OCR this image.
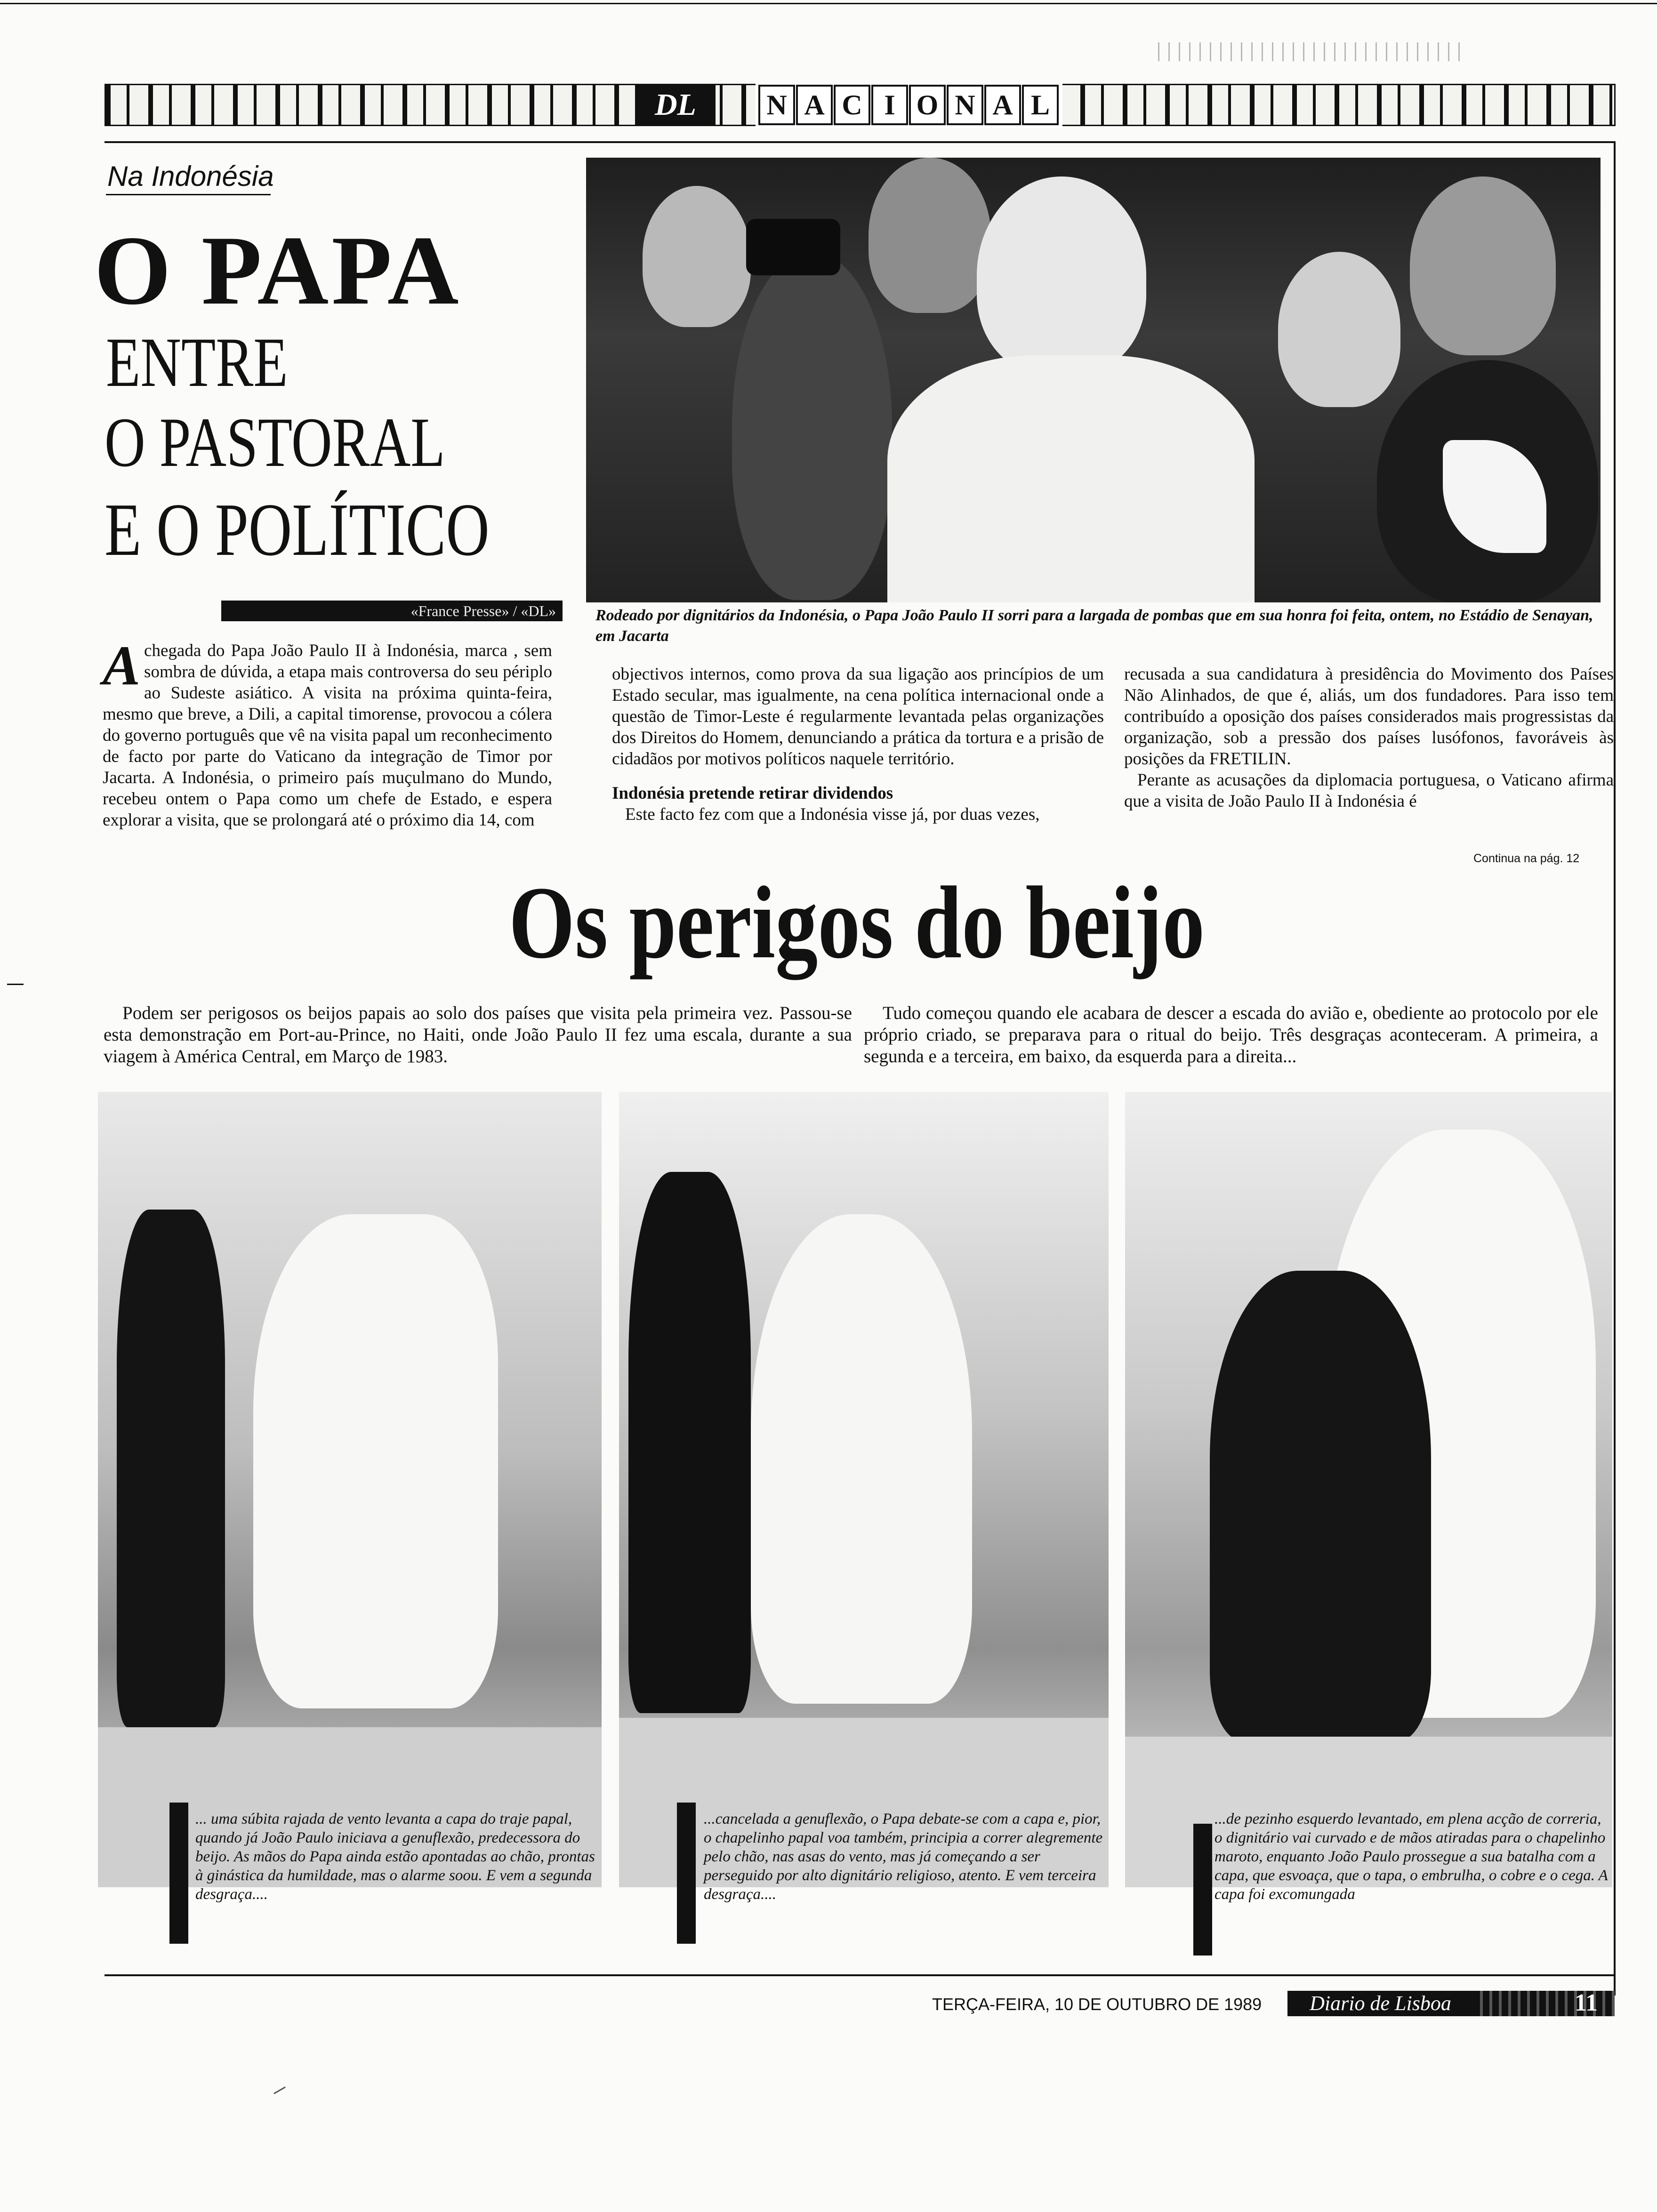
DL	N A C I O N A L
Na Indonésia
O PAPA
ENTRE
O PASTORAL
E O POLÍTICO
«France Presse» / «DL»	Rodeado por dignitários da Indonésia, o Papa João Paulo II sorri para a largada de pombas que em sua honra foi feita, ontem, no Estádio de Senayan, em Jacarta
Achegada do Papa João Paulo II à Indonésia, marca , sem sombra de dúvida, a etapa mais controversa do seu périplo ao Sudeste asiático. A visita na próxima quinta-feira, mesmo que breve, a Dili, a capital timorense, provocou a cólera do governo português que vê na visita papal um reconhecimento de facto por parte do Vaticano da integração de Timor por Jacarta. A Indonésia, o primeiro país muçulmano do Mundo, recebeu ontem o Papa como um chefe de Estado, e espera explorar a visita, que se prolongará até o próximo dia 14, com

objectivos internos, como prova da sua ligação aos princípios de um Estado secular, mas igualmente, na cena política internacional onde a questão de Timor-Leste é regularmente levantada pelas organizações dos Direitos do Homem, denunciando a prática da tortura e a prisão de cidadãos por motivos políticos naquele território.

Indonésia pretende retirar dividendos

Este facto fez com que a Indonésia visse já, por duas vezes,

recusada a sua candidatura à presidência do Movimento dos Países Não Alinhados, de que é, aliás, um dos fundadores. Para isso tem contribuído a oposição dos países considerados mais progressistas da organização, sob a pressão dos países lusófonos, favoráveis às posições da FRETILIN.

Perante as acusações da diplomacia portuguesa, o Vaticano afirma que a visita de João Paulo II à Indonésia é

Continua na pág. 12
Os perigos do beijo
Podem ser perigosos os beijos papais ao solo dos países que visita pela primeira vez. Passou-se esta demonstração em Port-au-Prince, no Haiti, onde João Paulo II fez uma escala, durante a sua viagem à América Central, em Março de 1983.
Tudo começou quando ele acabara de descer a escada do avião e, obediente ao protocolo por ele próprio criado, se preparava para o ritual do beijo. Três desgraças aconteceram. A primeira, a segunda e a terceira, em baixo, da esquerda para a direita...
... uma súbita rajada de vento levanta a capa do traje papal, quando já João Paulo iniciava a genuflexão, predecessora do beijo. As mãos do Papa ainda estão apontadas ao chão, prontas à ginástica da humildade, mas o alarme soou. E vem a segunda desgraça....
...cancelada a genuflexão, o Papa debate-se com a capa e, pior, o chapelinho papal voa também, principia a correr alegremente pelo chão, nas asas do vento, mas já começando a ser perseguido por alto dignitário religioso, atento. E vem terceira desgraça....
...de pezinho esquerdo levantado, em plena acção de correria, o dignitário vai curvado e de mãos atiradas para o chapelinho maroto, enquanto João Paulo prossegue a sua batalha com a capa, que esvoaça, que o tapa, o embrulha, o cobre e o cega. A capa foi excomungada
TERÇA-FEIRA, 10 DE OUTUBRO DE 1989	Diario de Lisboa	11
